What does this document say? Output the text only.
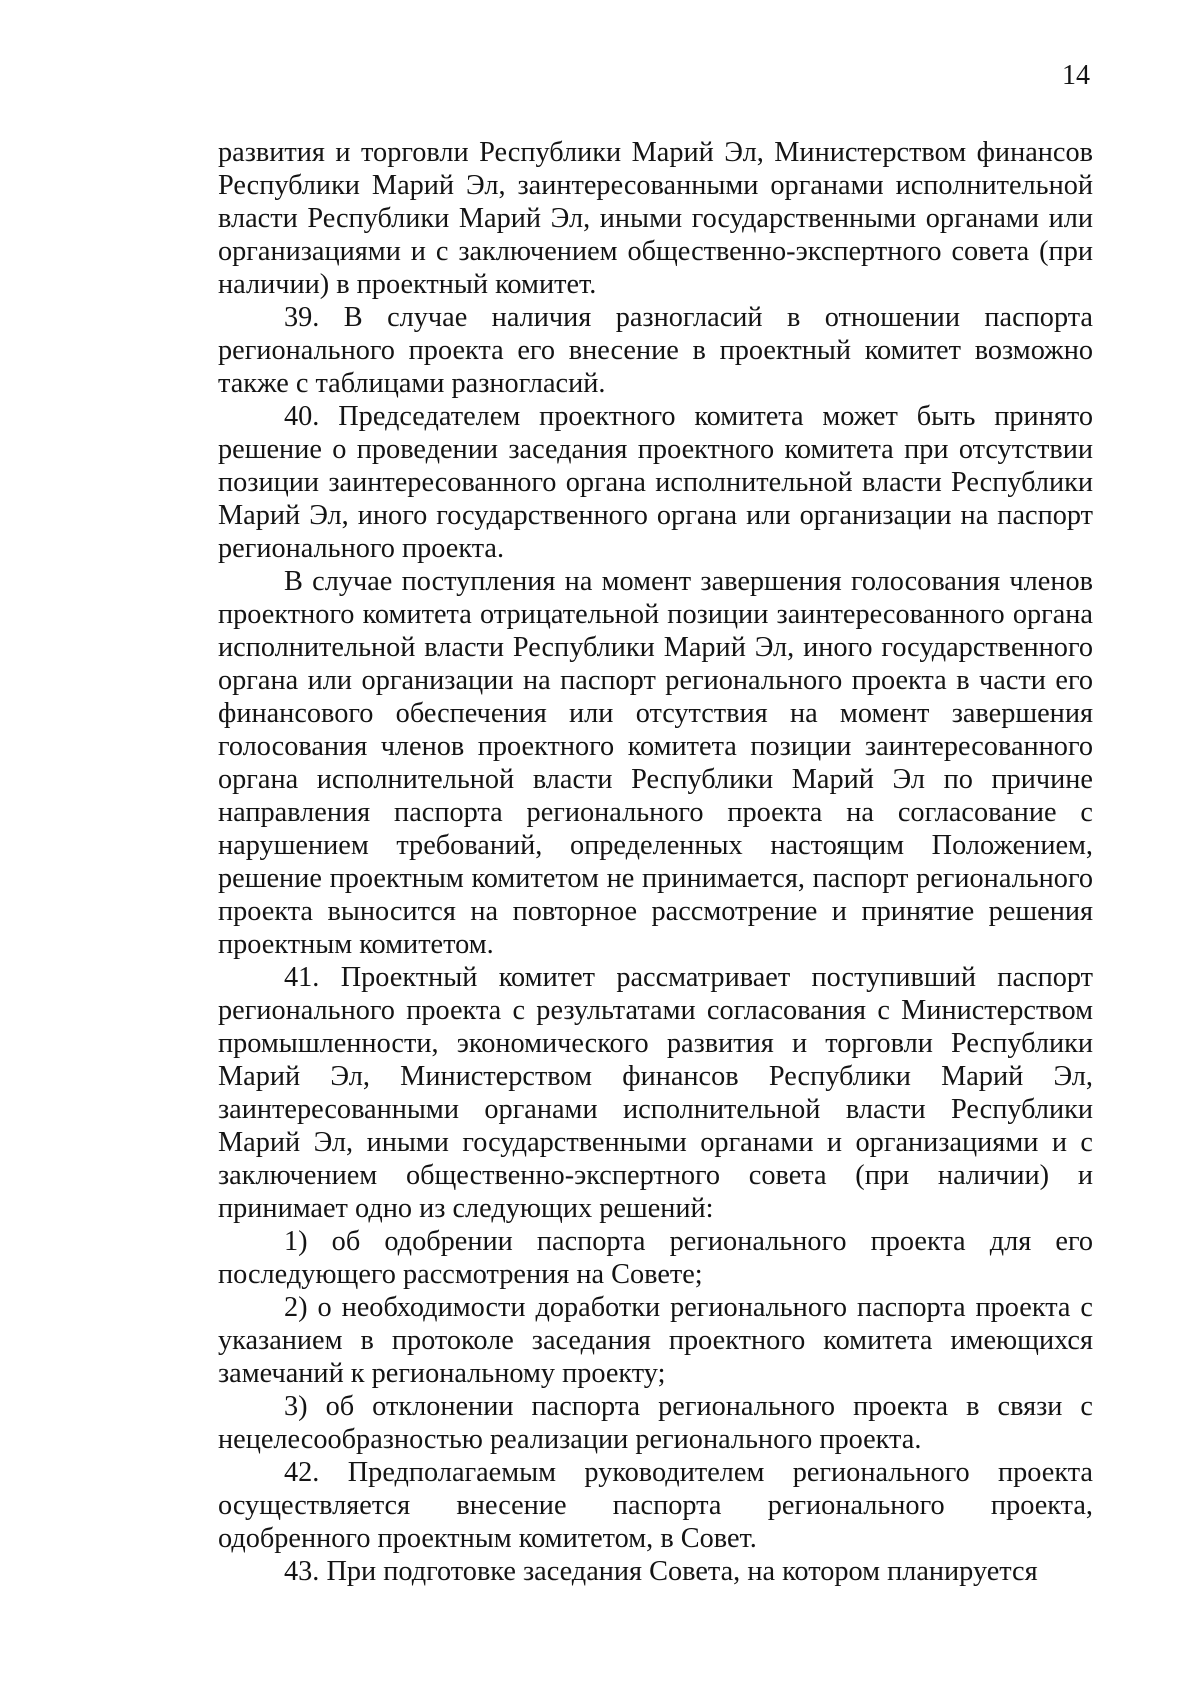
14

развития и торговли Республики Марий Эл, Министерством финансов Республики Марий Эл, заинтересованными органами исполнительной власти Республики Марий Эл, иными государственными органами или организациями и с заключением общественно-экспертного совета (при наличии) в проектный комитет.

39. В случае наличия разногласий в отношении паспорта регионального проекта его внесение в проектный комитет возможно также с таблицами разногласий.

40. Председателем проектного комитета может быть принято решение о проведении заседания проектного комитета при отсутствии позиции заинтересованного органа исполнительной власти Республики Марий Эл, иного государственного органа или организации на паспорт регионального проекта.

В случае поступления на момент завершения голосования членов проектного комитета отрицательной позиции заинтересованного органа исполнительной власти Республики Марий Эл, иного государственного органа или организации на паспорт регионального проекта в части его финансового обеспечения или отсутствия на момент завершения голосования членов проектного комитета позиции заинтересованного органа исполнительной власти Республики Марий Эл по причине направления паспорта регионального проекта на согласование с нарушением требований, определенных настоящим Положением, решение проектным комитетом не принимается, паспорт регионального проекта выносится на повторное рассмотрение и принятие решения проектным комитетом.

41. Проектный комитет рассматривает поступивший паспорт регионального проекта с результатами согласования с Министерством промышленности, экономического развития и торговли Республики Марий Эл, Министерством финансов Республики Марий Эл, заинтересованными органами исполнительной власти Республики Марий Эл, иными государственными органами и организациями и с заключением общественно-экспертного совета (при наличии) и принимает одно из следующих решений:

1) об одобрении паспорта регионального проекта для его последующего рассмотрения на Совете;

2) о необходимости доработки регионального паспорта проекта с указанием в протоколе заседания проектного комитета имеющихся замечаний к региональному проекту;

3) об отклонении паспорта регионального проекта в связи с нецелесообразностью реализации регионального проекта.

42. Предполагаемым руководителем регионального проекта осуществляется внесение паспорта регионального проекта, одобренного проектным комитетом, в Совет.

43. При подготовке заседания Совета, на котором планируется
